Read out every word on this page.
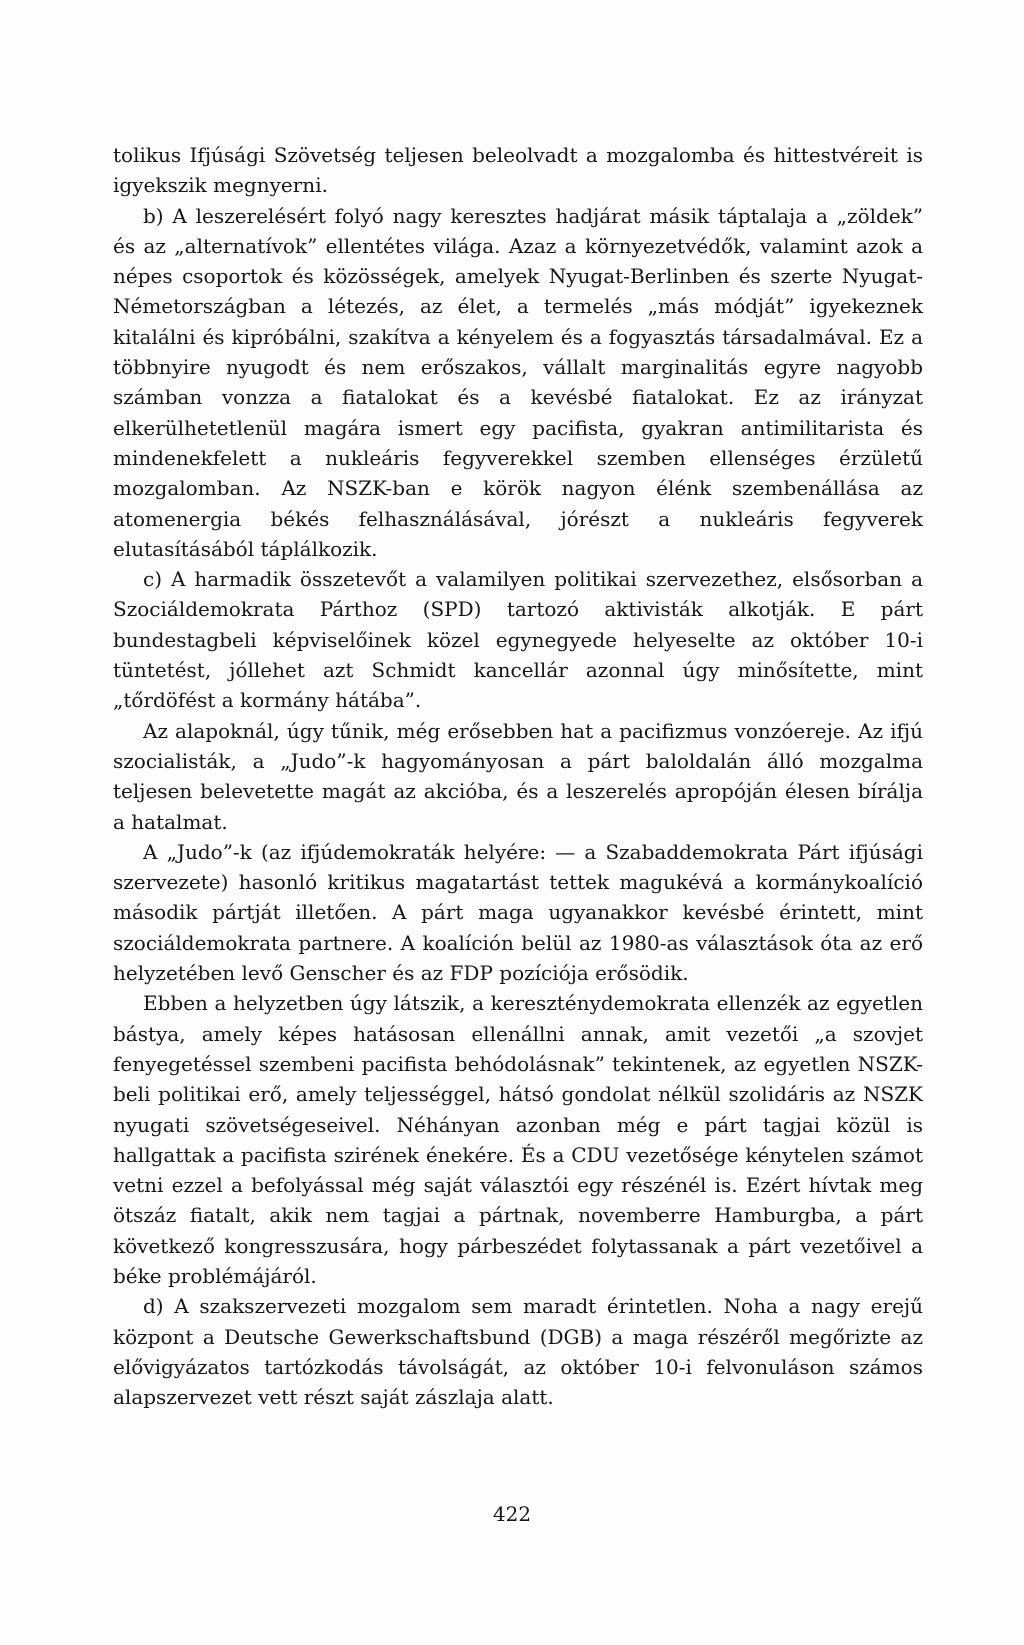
tolikus Ifjúsági Szövetség teljesen beleolvadt a mozgalomba és hittestvéreit is igyekszik megnyerni.

b) A leszerelésért folyó nagy keresztes hadjárat másik táptalaja a „zöldek” és az „alternatívok” ellentétes világa. Azaz a környezetvédők, valamint azok a népes csoportok és közösségek, amelyek Nyugat-Berlinben és szerte Nyugat-Németországban a létezés, az élet, a termelés „más módját” igyekeznek kitalálni és kipróbálni, szakítva a kényelem és a fogyasztás társadalmával. Ez a többnyire nyugodt és nem erőszakos, vállalt marginalitás egyre nagyobb számban vonzza a fiatalokat és a kevésbé fiatalokat. Ez az irányzat elkerülhetetlenül magára ismert egy pacifista, gyakran antimilitarista és mindenekfelett a nukleáris fegyverekkel szemben ellenséges érzületű mozgalomban. Az NSZK-ban e körök nagyon élénk szembenállása az atomenergia békés felhasználásával, jórészt a nukleáris fegyverek elutasításából táplálkozik.

c) A harmadik összetevőt a valamilyen politikai szervezethez, elsősorban a Szociáldemokrata Párthoz (SPD) tartozó aktivisták alkotják. E párt bundestagbeli képviselőinek közel egynegyede helyeselte az október 10-i tüntetést, jóllehet azt Schmidt kancellár azonnal úgy minősítette, mint „tőrdöfést a kormány hátába”.

Az alapoknál, úgy tűnik, még erősebben hat a pacifizmus vonzóereje. Az ifjú szocialisták, a „Judo”-k hagyományosan a párt baloldalán álló mozgalma teljesen belevetette magát az akcióba, és a leszerelés apropóján élesen bírálja a hatalmat.

A „Judo”-k (az ifjúdemokraták helyére: — a Szabaddemokrata Párt ifjúsági szervezete) hasonló kritikus magatartást tettek magukévá a kormánykoalíció második pártját illetően. A párt maga ugyanakkor kevésbé érintett, mint szociáldemokrata partnere. A koalíción belül az 1980-as választások óta az erő helyzetében levő Genscher és az FDP pozíciója erősödik.

Ebben a helyzetben úgy látszik, a kereszténydemokrata ellenzék az egyetlen bástya, amely képes hatásosan ellenállni annak, amit vezetői „a szovjet fenyegetéssel szembeni pacifista behódolásnak” tekintenek, az egyetlen NSZK-beli politikai erő, amely teljességgel, hátsó gondolat nélkül szolidáris az NSZK nyugati szövetségeseivel. Néhányan azonban még e párt tagjai közül is hallgattak a pacifista szirének énekére. És a CDU vezetősége kénytelen számot vetni ezzel a befolyással még saját választói egy részénél is. Ezért hívtak meg ötszáz fiatalt, akik nem tagjai a pártnak, novemberre Hamburgba, a párt következő kongresszusára, hogy párbeszédet folytassanak a párt vezetőivel a béke problémájáról.

d) A szakszervezeti mozgalom sem maradt érintetlen. Noha a nagy erejű központ a Deutsche Gewerkschaftsbund (DGB) a maga részéről megőrizte az elővigyázatos tartózkodás távolságát, az október 10-i felvonuláson számos alapszervezet vett részt saját zászlaja alatt.

422
